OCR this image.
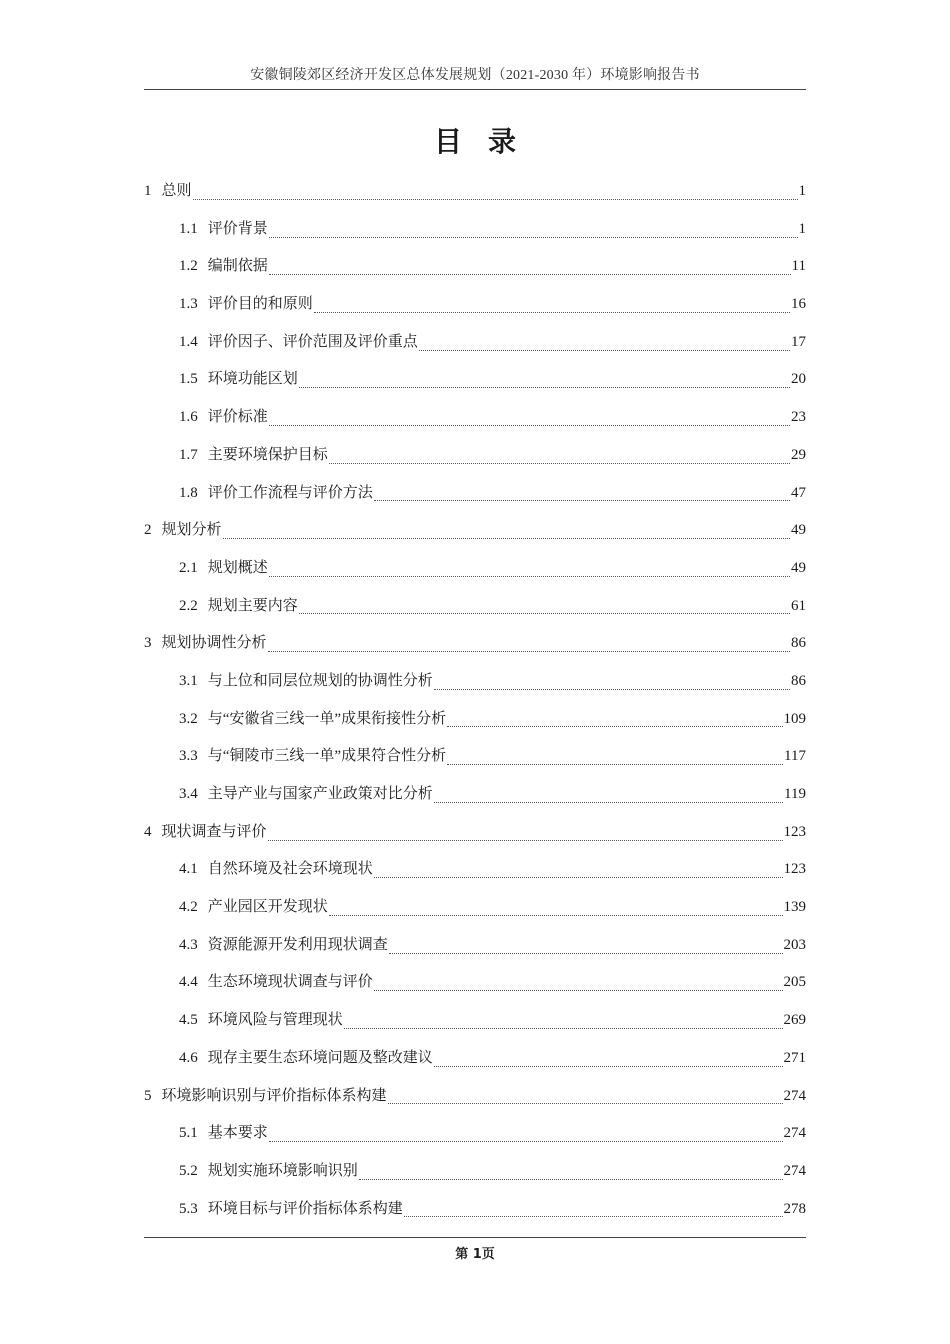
安徽铜陵郊区经济开发区总体发展规划（2021-2030 年）环境影响报告书
目录
1 总则	1
1.1 评价背景	1
1.2 编制依据	11
1.3 评价目的和原则	16
1.4 评价因子、评价范围及评价重点	17
1.5 环境功能区划	20
1.6 评价标准	23
1.7 主要环境保护目标	29
1.8 评价工作流程与评价方法	47
2 规划分析	49
2.1 规划概述	49
2.2 规划主要内容	61
3 规划协调性分析	86
3.1 与上位和同层位规划的协调性分析	86
3.2 与“安徽省三线一单”成果衔接性分析	109
3.3 与“铜陵市三线一单”成果符合性分析	117
3.4 主导产业与国家产业政策对比分析	119
4 现状调查与评价	123
4.1 自然环境及社会环境现状	123
4.2 产业园区开发现状	139
4.3 资源能源开发利用现状调查	203
4.4 生态环境现状调查与评价	205
4.5 环境风险与管理现状	269
4.6 现存主要生态环境问题及整改建议	271
5 环境影响识别与评价指标体系构建	274
5.1 基本要求	274
5.2 规划实施环境影响识别	274
5.3 环境目标与评价指标体系构建	278
第 1页
